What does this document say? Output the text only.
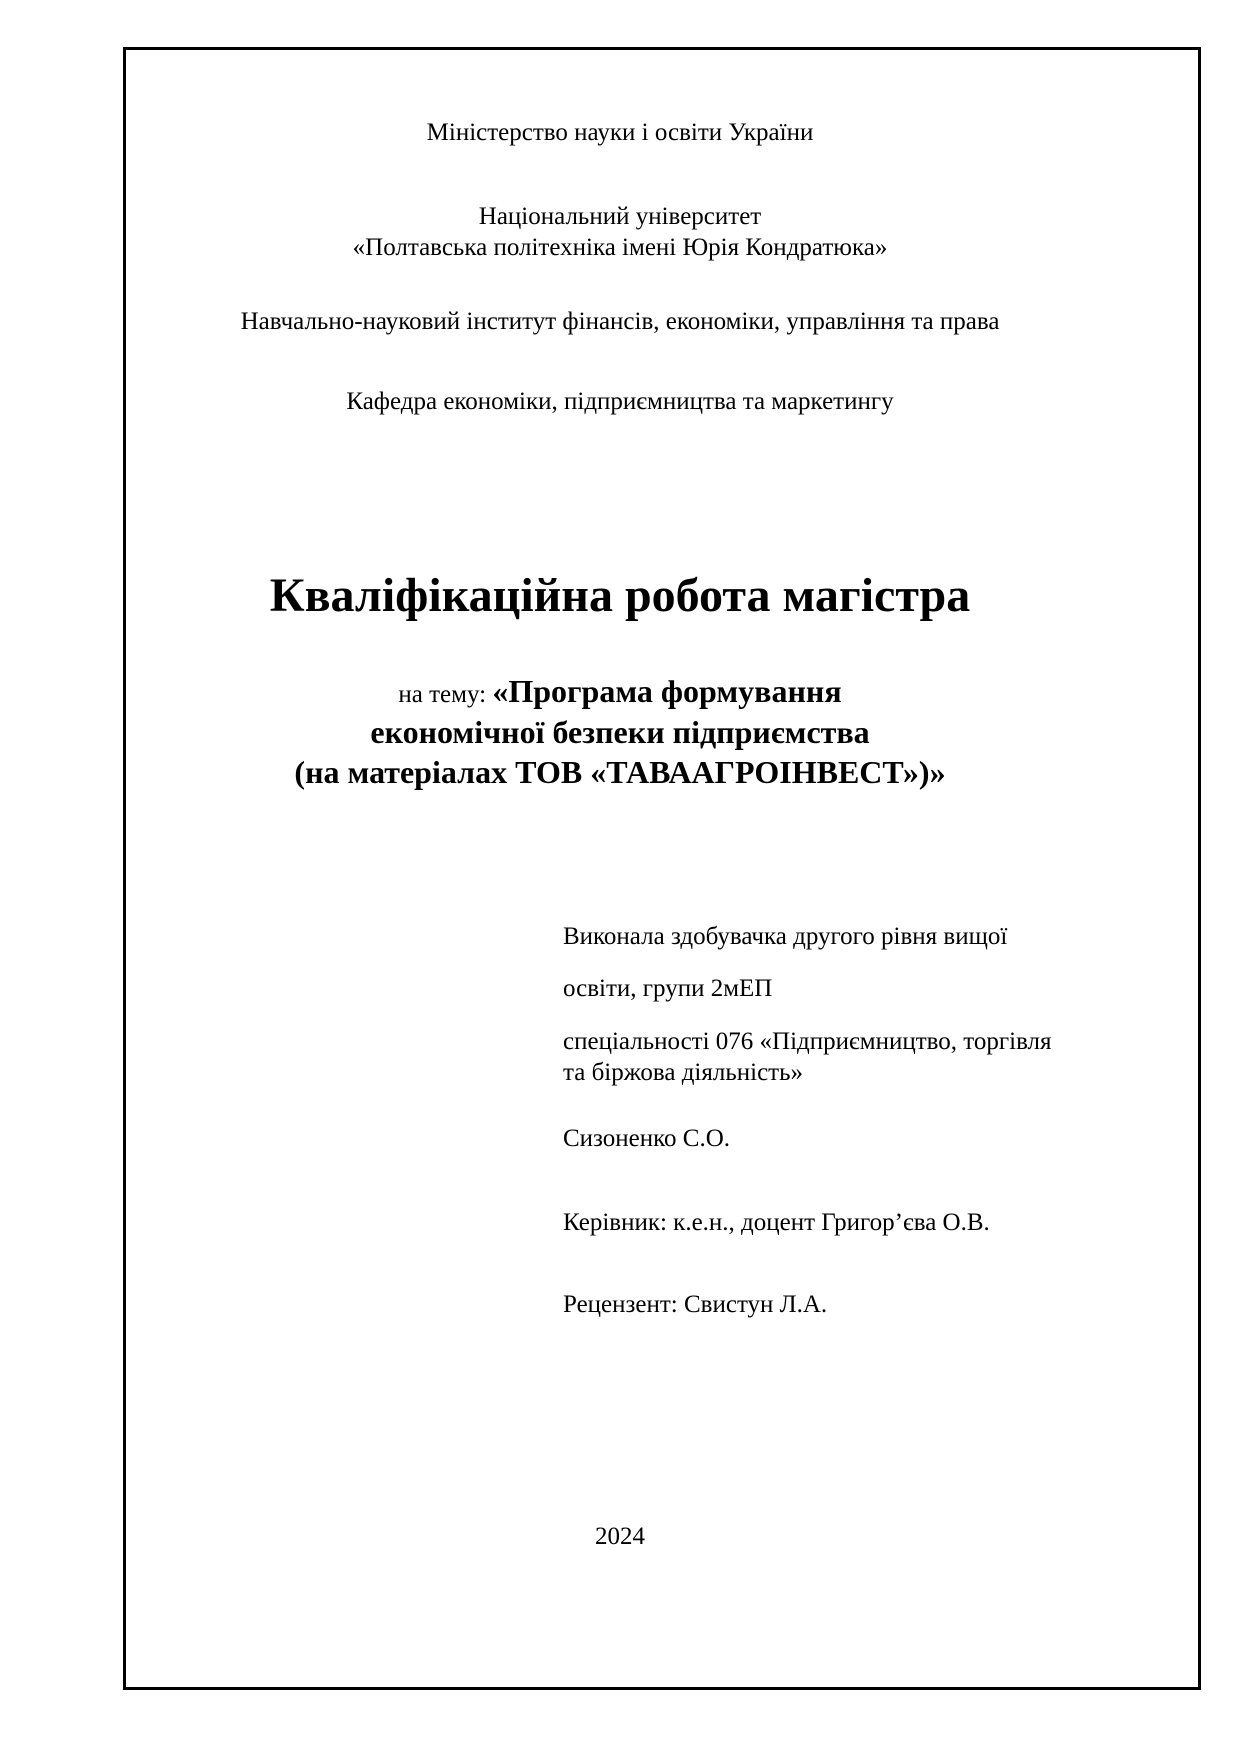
Міністерство науки і освіти України
Національний університет
«Полтавська політехніка імені Юрія Кондратюка»
Навчально-науковий інститут фінансів, економіки, управління та права
Кафедра економіки, підприємництва та маркетингу
Кваліфікаційна робота магістра
на тему: «Програма формування
економічної безпеки підприємства
(на матеріалах ТОВ «ТАВААГРОІНВЕСТ»)»
Виконала здобувачка другого рівня вищої
освіти, групи 2мЕП
спеціальності 076 «Підприємництво, торгівля
та біржова діяльність»
Сизоненко С.О.
Керівник: к.е.н., доцент Григор’єва О.В.
Рецензент: Свистун Л.А.
2024
